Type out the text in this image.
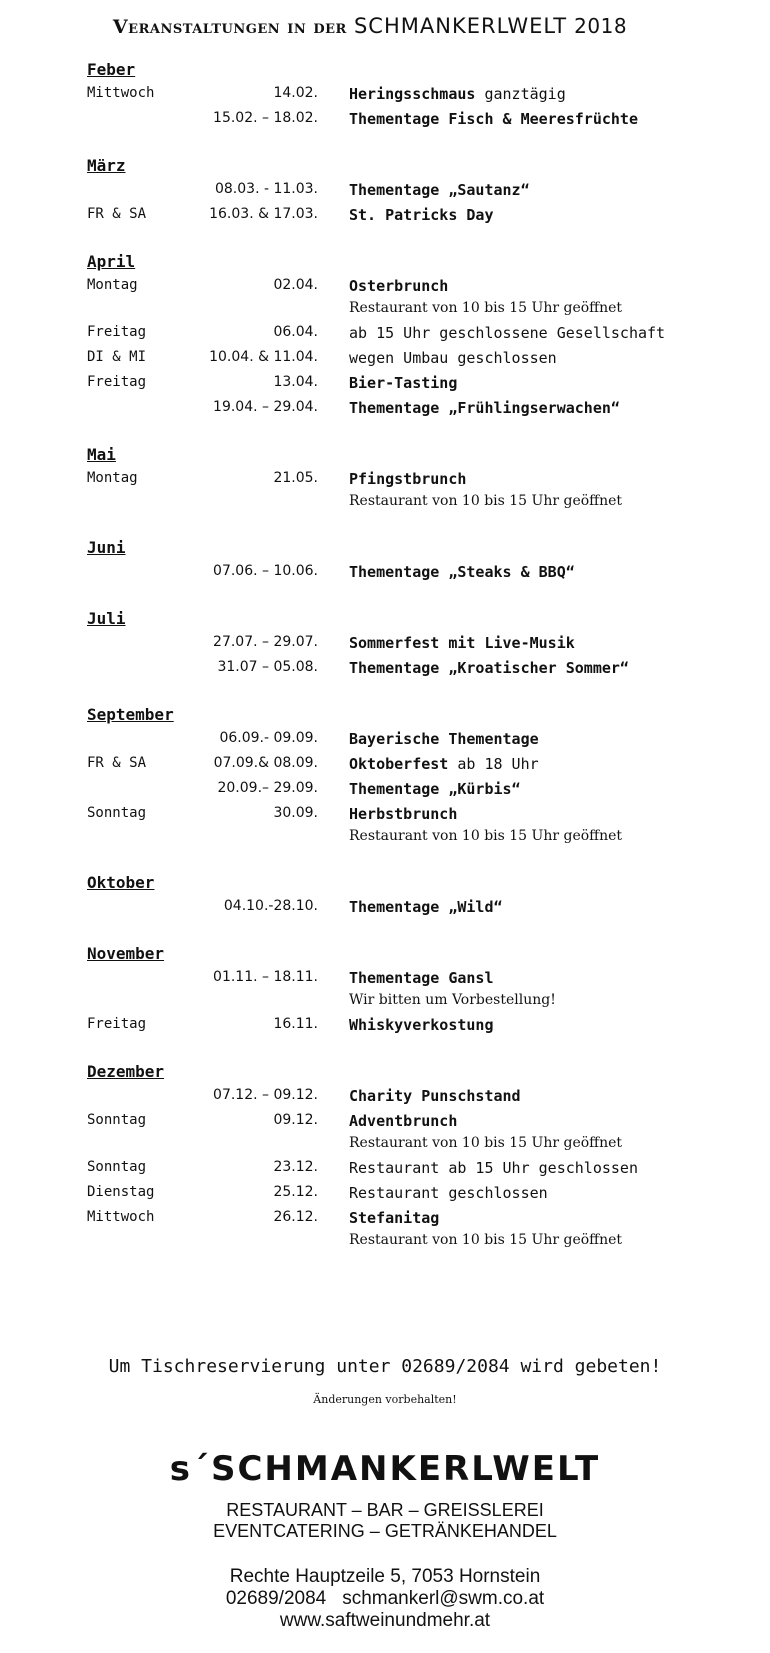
Veranstaltungen in der SCHMANKERLWELT 2018
Feber
Mittwoch	14.02. Heringsschmaus ganztägig
15.02. – 18.02. Thementage Fisch & Meeresfrüchte
März
08.03. - 11.03. Thementage „Sautanz“
FR & SA	16.03. & 17.03. St. Patricks Day
April
Montag	02.04. Osterbrunch
Restaurant von 10 bis 15 Uhr geöffnet
Freitag	06.04. ab 15 Uhr geschlossene Gesellschaft
DI & MI	10.04. & 11.04. wegen Umbau geschlossen
Freitag	13.04. Bier-Tasting
19.04. – 29.04. Thementage „Frühlingserwachen“
Mai
Montag	21.05. Pfingstbrunch
Restaurant von 10 bis 15 Uhr geöffnet
Juni
07.06. – 10.06. Thementage „Steaks & BBQ“
Juli
27.07. – 29.07. Sommerfest mit Live-Musik
31.07 – 05.08. Thementage „Kroatischer Sommer“
September
06.09.- 09.09. Bayerische Thementage
FR & SA	07.09.& 08.09. Oktoberfest ab 18 Uhr
20.09.– 29.09. Thementage „Kürbis“
Sonntag	30.09. Herbstbrunch
Restaurant von 10 bis 15 Uhr geöffnet
Oktober
04.10.-28.10. Thementage „Wild“
November
01.11. – 18.11. Thementage Gansl
Wir bitten um Vorbestellung!
Freitag	16.11. Whiskyverkostung
Dezember
07.12. – 09.12. Charity Punschstand
Sonntag	09.12. Adventbrunch
Restaurant von 10 bis 15 Uhr geöffnet
Sonntag	23.12. Restaurant ab 15 Uhr geschlossen
Dienstag	25.12. Restaurant geschlossen
Mittwoch	26.12. Stefanitag
Restaurant von 10 bis 15 Uhr geöffnet
Um Tischreservierung unter 02689/2084 wird gebeten!
Änderungen vorbehalten!
s´SCHMANKERLWELT
RESTAURANT – BAR – GREISSLEREI
EVENTCATERING – GETRÄNKEHANDEL
Rechte Hauptzeile 5, 7053 Hornstein
02689/2084 schmankerl@swm.co.at
www.saftweinundmehr.at
